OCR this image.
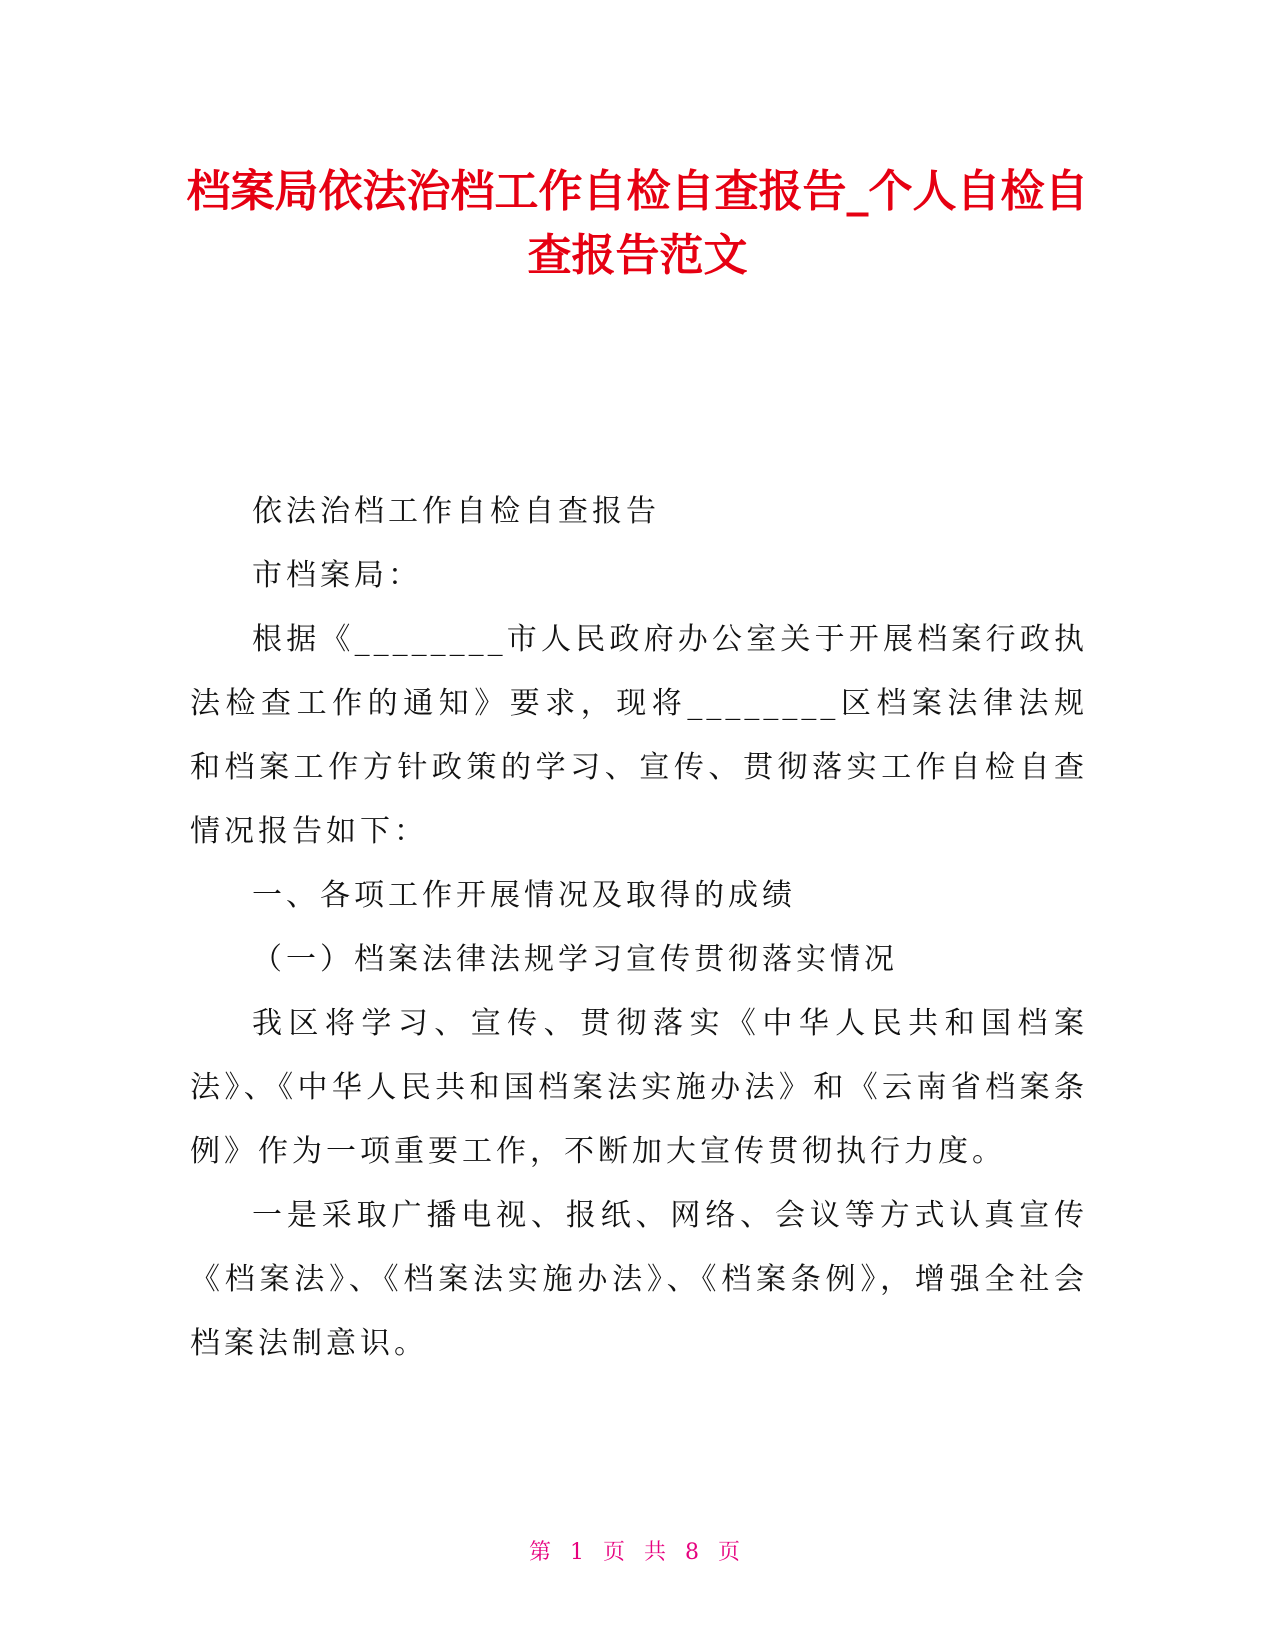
档案局依法治档工作自检自查报告_个人自检自
查报告范文

依法治档工作自检自查报告

市档案局：

根据《________市人民政府办公室关于开展档案行政执法检查工作的通知》要求，现将________区档案法律法规和档案工作方针政策的学习、宣传、贯彻落实工作自检自查情况报告如下：

一、各项工作开展情况及取得的成绩

（一）档案法律法规学习宣传贯彻落实情况

我区将学习、宣传、贯彻落实《中华人民共和国档案法》、《中华人民共和国档案法实施办法》和《云南省档案条例》作为一项重要工作，不断加大宣传贯彻执行力度。

一是采取广播电视、报纸、网络、会议等方式认真宣传《档案法》、《档案法实施办法》、《档案条例》，增强全社会档案法制意识。

第 1 页 共 8 页
